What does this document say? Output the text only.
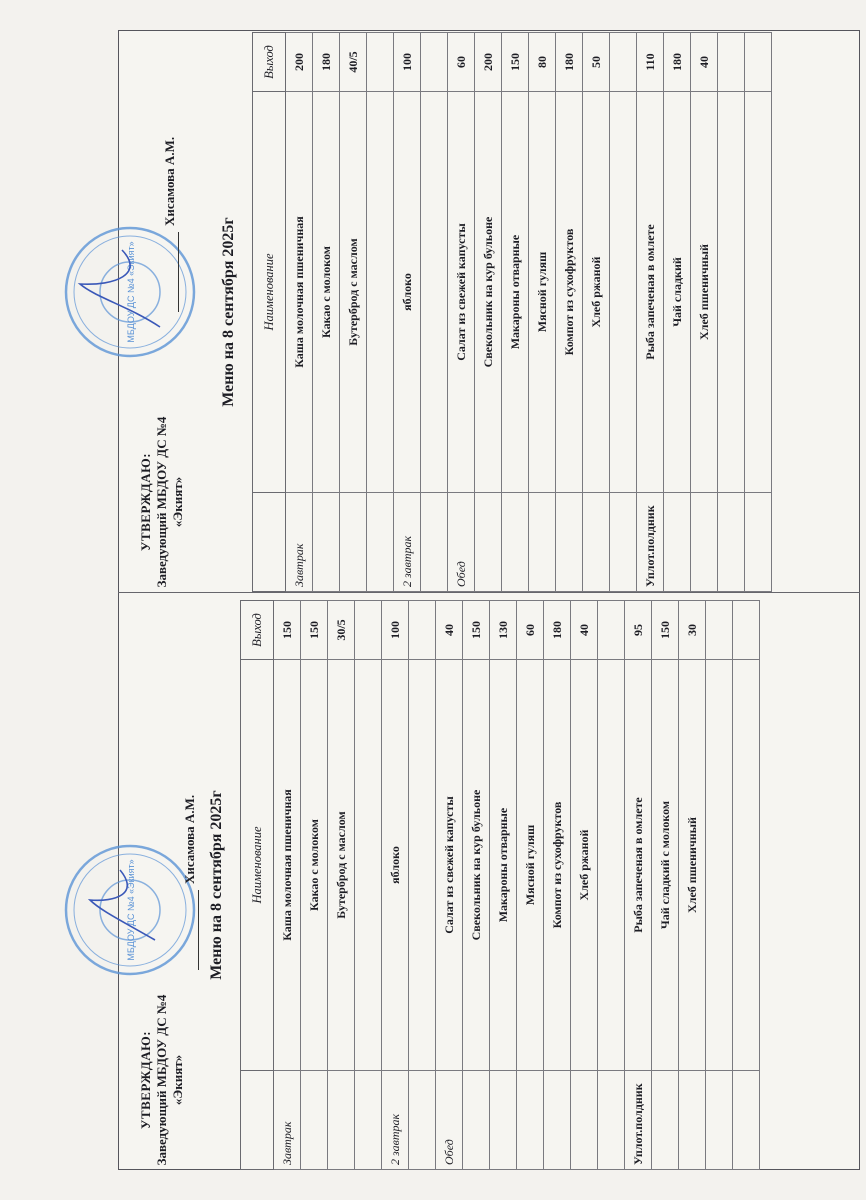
УТВЕРЖДАЮ: Заведующий МБДОУ ДС №4 «Экият»
МБДОУ ДС №4 «Экият»
Хисамова А.М. Меню на 8 сентября 2025г
	Наименование	Выход
Завтрак	Каша молочная пшеничная	150
	Какао с молоком	150
	Бутерброд с маслом	30/5

2 завтрак	яблоко	100

Обед	Салат из свежей капусты	40
	Свекольник на кур бульоне	150
	Макароны отварные	130
	Мясной гуляш	60
	Компот из сухофруктов	180
	Хлеб ржаной	40

Уплот.полдник	Рыба запеченая в омлете	95
	Чай сладкий с молоком	150
	Хлеб пшеничный	30

УТВЕРЖДАЮ: Заведующий МБДОУ ДС №4 «Экият»
МБДОУ ДС №4 «Экият»
Хисамова А.М.
Меню на 8 сентября 2025г
	Наименование	Выход
Завтрак	Каша молочная пшеничная	200
	Какао с молоком	180
	Бутерброд с маслом	40/5

2 завтрак	яблоко	100

Обед	Салат из свежей капусты	60
	Свекольник на кур бульоне	200
	Макароны отварные	150
	Мясной гуляш	80
	Компот из сухофруктов	180
	Хлеб ржаной	50

Уплот.полдник	Рыба запеченая в омлете	110
	Чай сладкий	180
	Хлеб пшеничный	40
